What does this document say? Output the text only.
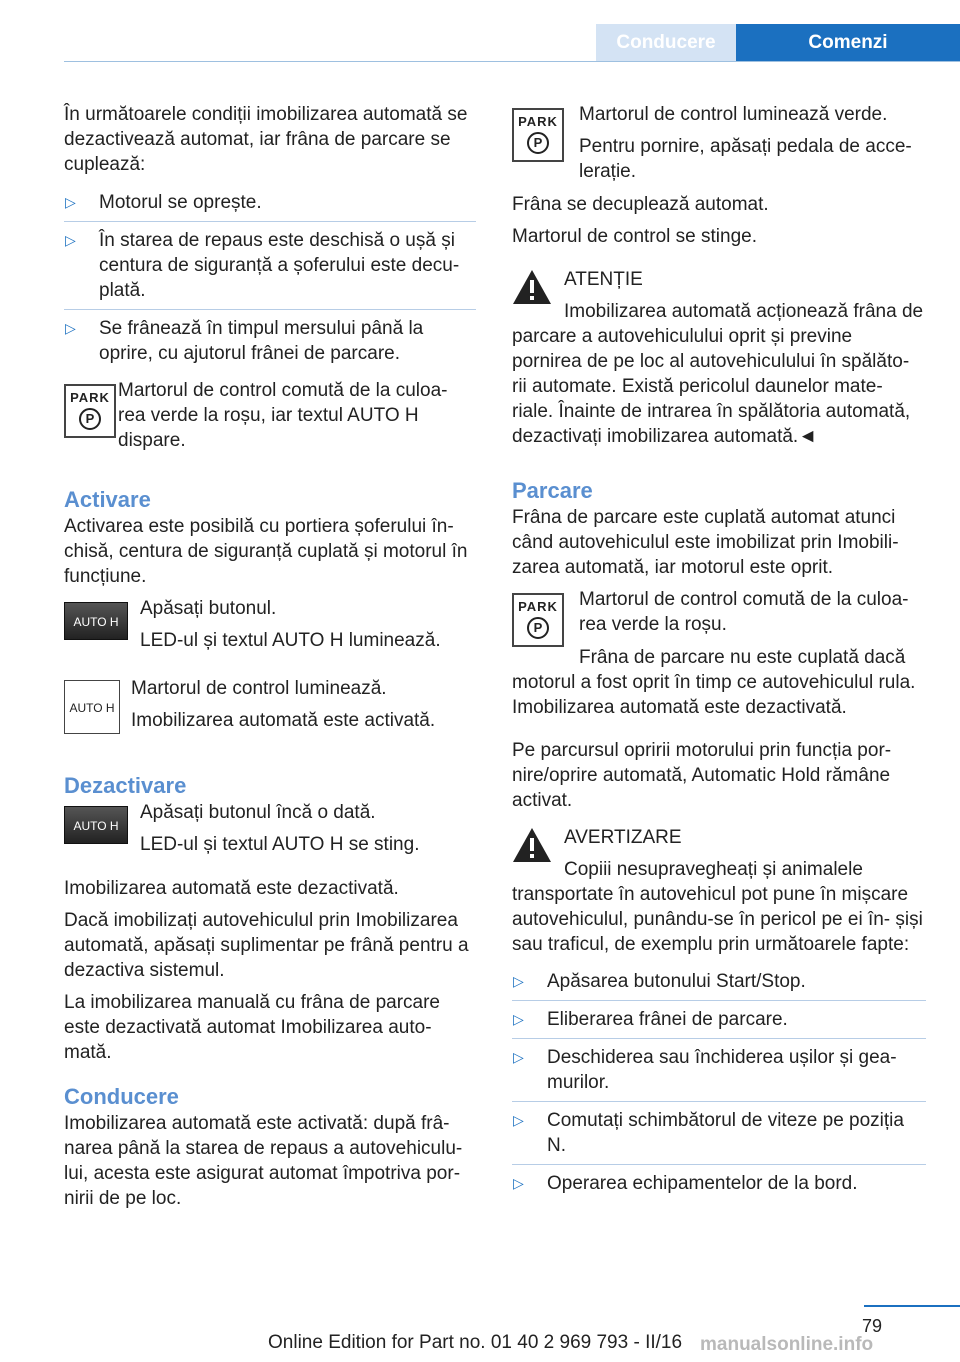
Conducere	Comenzi

În următoarele condiții imobilizarea automată se dezactivează automat, iar frâna de parcare se cuplează:

▷ Motorul se oprește.
▷ În starea de repaus este deschisă o ușă și centura de siguranță a șoferului este decu‐ plată.
▷ Se frânează în timpul mersului până la oprire, cu ajutorul frânei de parcare.
PARK
P

Martorul de control comută de la culoa‐ rea verde la roșu, iar textul AUTO H dispare.

Activare

Activarea este posibilă cu portiera șoferului în‐ chisă, centura de siguranță cuplată și motorul în funcțiune.

AUTO H

Apăsați butonul.

LED-ul și textul AUTO H luminează.

AUTO H

Martorul de control luminează.

Imobilizarea automată este activată.

Dezactivare

AUTO H

Apăsați butonul încă o dată.

LED-ul și textul AUTO H se sting.

Imobilizarea automată este dezactivată.

Dacă imobilizați autovehiculul prin Imobilizarea automată, apăsați suplimentar pe frână pentru a dezactiva sistemul.

La imobilizarea manuală cu frâna de parcare este dezactivată automat Imobilizarea auto‐ mată.

Conducere

Imobilizarea automată este activată: după frâ‐ narea până la starea de repaus a autovehiculu‐ lui, acesta este asigurat automat împotriva por‐ nirii de pe loc.

PARK
P

Martorul de control luminează verde.

Pentru pornire, apăsați pedala de acce‐ lerație.

Frâna se decuplează automat.

Martorul de control se stinge.

ATENȚIE

Imobilizarea automată acționează frâna de parcare a autovehiculului oprit și previne pornirea de pe loc al autovehiculului în spălăto‐ rii automate. Există pericolul daunelor mate‐ riale. Înainte de intrarea în spălătoria automată, dezactivați imobilizarea automată.◄

Parcare

Frâna de parcare este cuplată automat atunci când autovehiculul este imobilizat prin Imobili‐ zarea automată, iar motorul este oprit.

PARK
P

Martorul de control comută de la culoa‐ rea verde la roșu.

Frâna de parcare nu este cuplată dacă motorul a fost oprit în timp ce autovehiculul rula. Imobilizarea automată este dezactivată.

Pe parcursul opririi motorului prin funcția por‐ nire/oprire automată, Automatic Hold rămâne activat.

AVERTIZARE

Copiii nesupravegheați și animalele transportate în autovehicul pot pune în mișcare autovehiculul, punându-se în pericol pe ei în‐ șiși sau traficul, de exemplu prin următoarele fapte:

▷ Apăsarea butonului Start/Stop.
▷ Eliberarea frânei de parcare.
▷ Deschiderea sau închiderea ușilor și gea‐ murilor.
▷ Comutați schimbătorul de viteze pe poziția N.
▷ Operarea echipamentelor de la bord.
79
Online Edition for Part no. 01 40 2 969 793 - II/16 manualsonline.info
